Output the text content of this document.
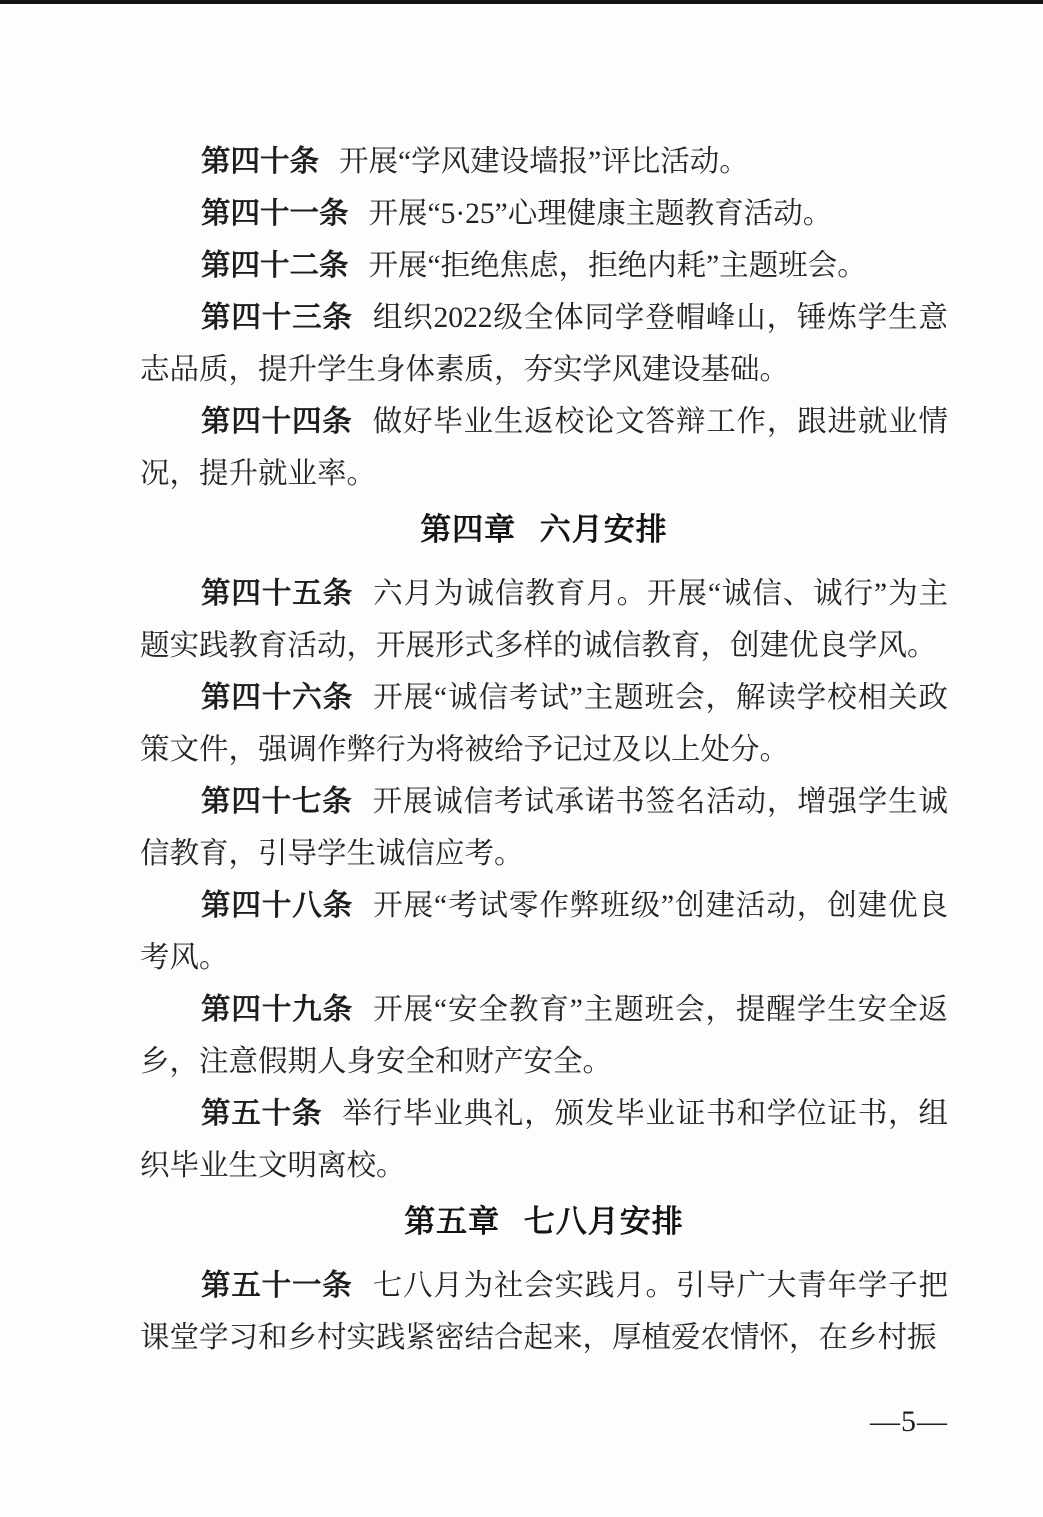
第四十条 开展“学风建设墙报”评比活动。

第四十一条 开展“5·25”心理健康主题教育活动。

第四十二条 开展“拒绝焦虑，拒绝内耗”主题班会。

第四十三条 组织2022级全体同学登帽峰山，锤炼学生意志品质，提升学生身体素质，夯实学风建设基础。

第四十四条 做好毕业生返校论文答辩工作，跟进就业情况，提升就业率。

第四章 六月安排

第四十五条 六月为诚信教育月。开展“诚信、诚行”为主题实践教育活动，开展形式多样的诚信教育，创建优良学风。

第四十六条 开展“诚信考试”主题班会，解读学校相关政策文件，强调作弊行为将被给予记过及以上处分。

第四十七条 开展诚信考试承诺书签名活动，增强学生诚信教育，引导学生诚信应考。

第四十八条 开展“考试零作弊班级”创建活动，创建优良考风。

第四十九条 开展“安全教育”主题班会，提醒学生安全返乡，注意假期人身安全和财产安全。

第五十条 举行毕业典礼，颁发毕业证书和学位证书，组织毕业生文明离校。

第五章 七八月安排

第五十一条 七八月为社会实践月。引导广大青年学子把课堂学习和乡村实践紧密结合起来，厚植爱农情怀，在乡村振

—5—
